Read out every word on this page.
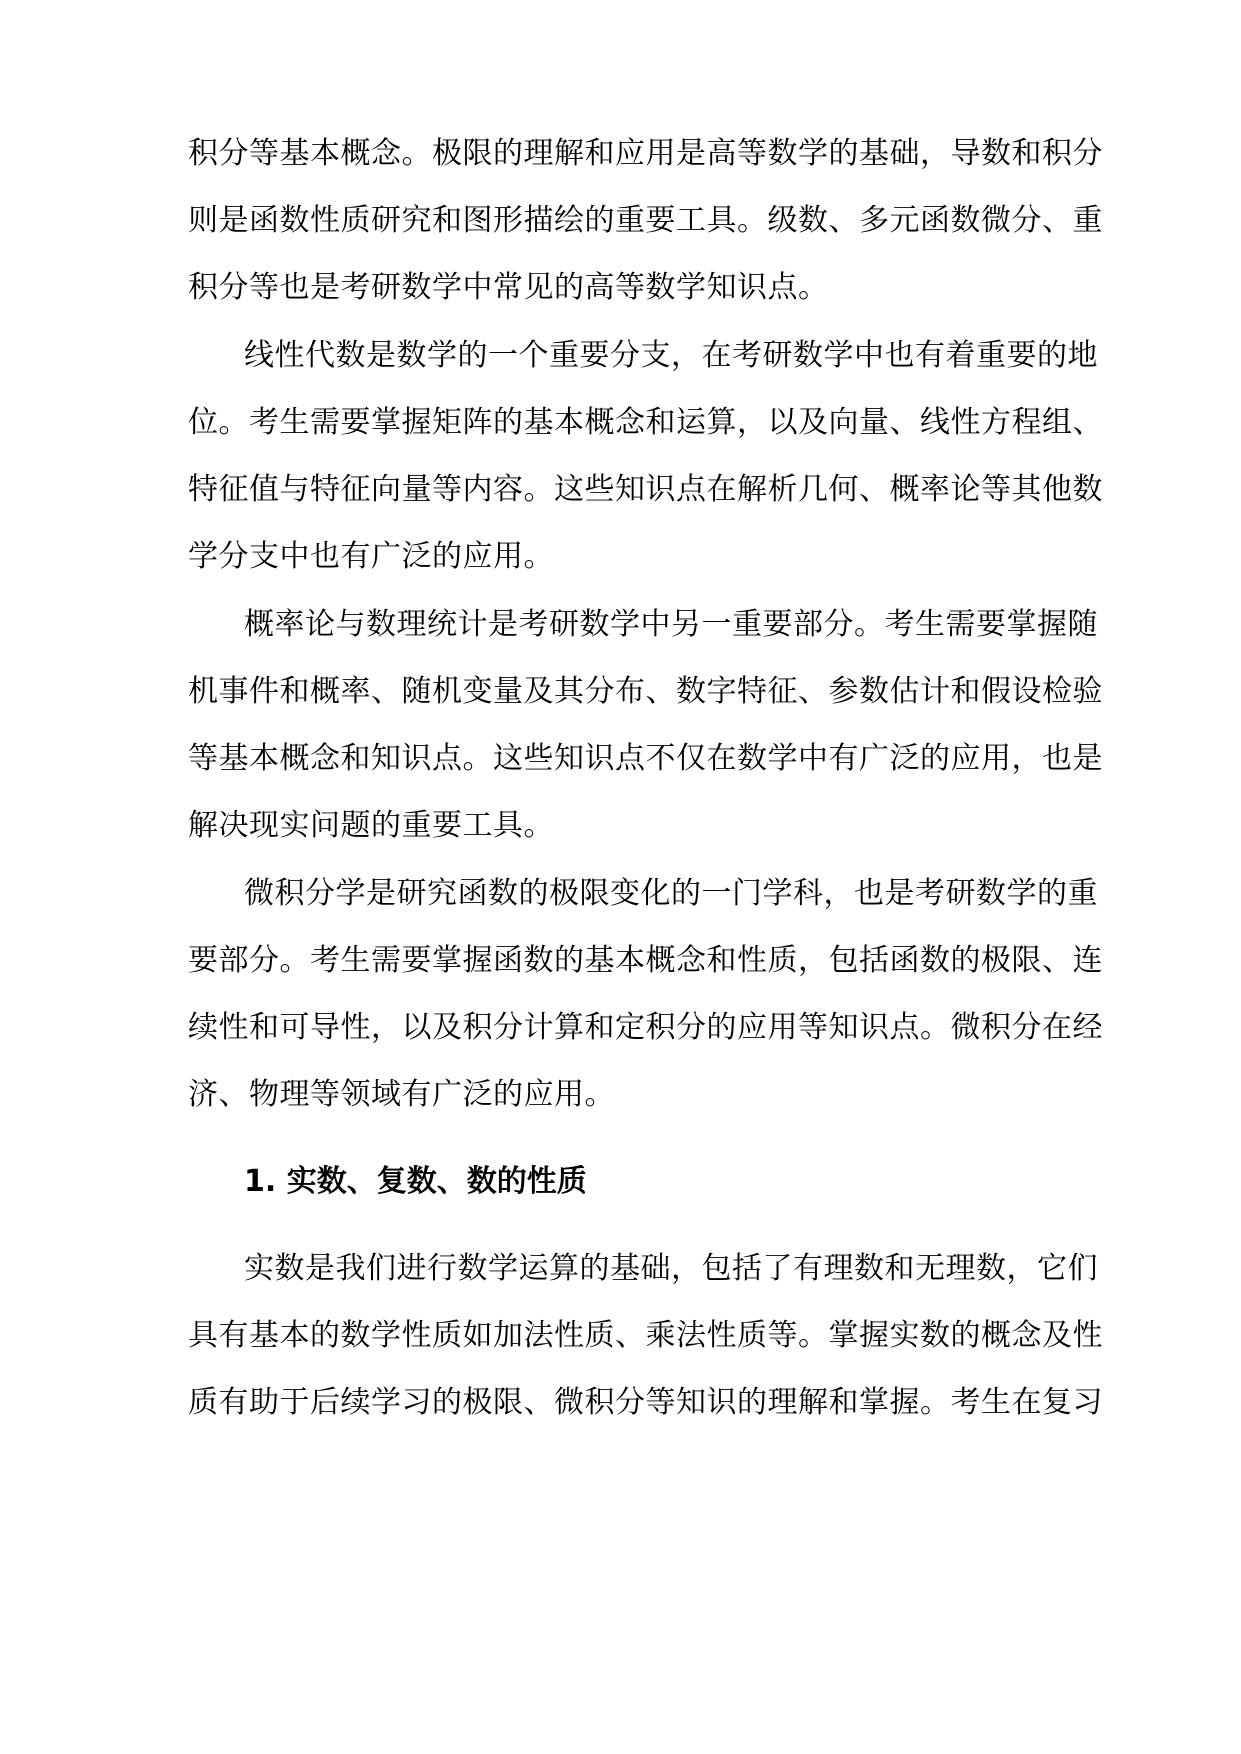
积分等基本概念。极限的理解和应用是高等数学的基础，导数和积分
则是函数性质研究和图形描绘的重要工具。级数、多元函数微分、重
积分等也是考研数学中常见的高等数学知识点。
线性代数是数学的一个重要分支，在考研数学中也有着重要的地
位。考生需要掌握矩阵的基本概念和运算，以及向量、线性方程组、
特征值与特征向量等内容。这些知识点在解析几何、概率论等其他数
学分支中也有广泛的应用。
概率论与数理统计是考研数学中另一重要部分。考生需要掌握随
机事件和概率、随机变量及其分布、数字特征、参数估计和假设检验
等基本概念和知识点。这些知识点不仅在数学中有广泛的应用，也是
解决现实问题的重要工具。
微积分学是研究函数的极限变化的一门学科，也是考研数学的重
要部分。考生需要掌握函数的基本概念和性质，包括函数的极限、连
续性和可导性，以及积分计算和定积分的应用等知识点。微积分在经
济、物理等领域有广泛的应用。
1. 实数、复数、数的性质
实数是我们进行数学运算的基础，包括了有理数和无理数，它们
具有基本的数学性质如加法性质、乘法性质等。掌握实数的概念及性
质有助于后续学习的极限、微积分等知识的理解和掌握。考生在复习
